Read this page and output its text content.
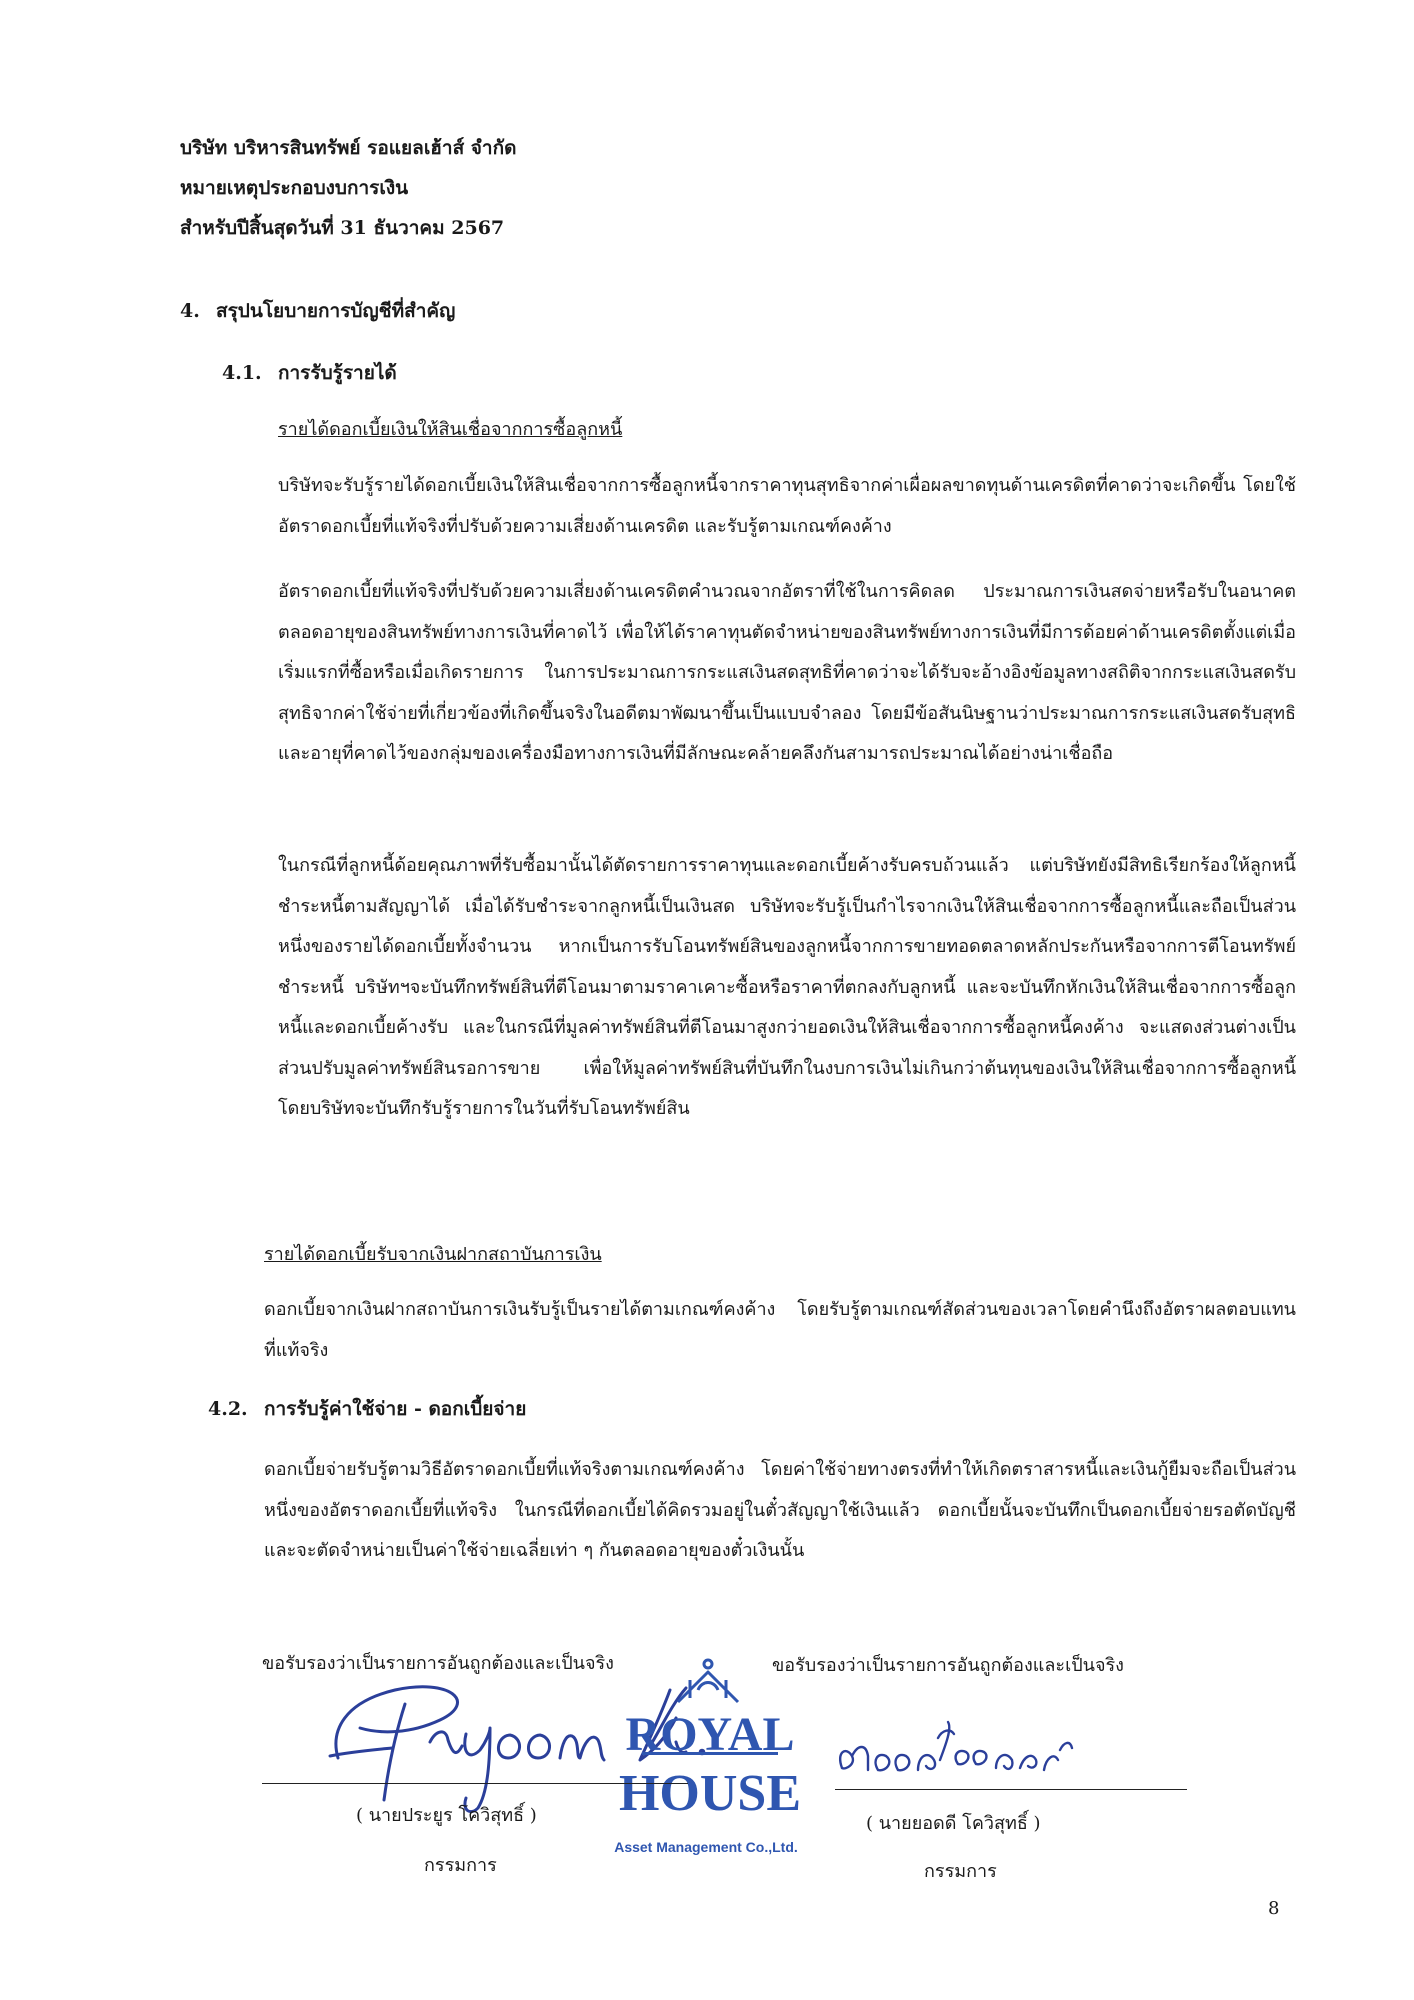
บริษัท บริหารสินทรัพย์ รอแยลเฮ้าส์ จำกัด
หมายเหตุประกอบงบการเงิน
สำหรับปีสิ้นสุดวันที่ 31 ธันวาคม 2567
4. สรุปนโยบายการบัญชีที่สำคัญ
4.1. การรับรู้รายได้
รายได้ดอกเบี้ยเงินให้สินเชื่อจากการซื้อลูกหนี้
บริษัทจะรับรู้รายได้ดอกเบี้ยเงินให้สินเชื่อจากการซื้อลูกหนี้จากราคาทุนสุทธิจากค่าเผื่อผลขาดทุนด้านเครดิตที่คาดว่าจะเกิดขึ้น โดยใช้อัตราดอกเบี้ยที่แท้จริงที่ปรับด้วยความเสี่ยงด้านเครดิต และรับรู้ตามเกณฑ์คงค้าง
อัตราดอกเบี้ยที่แท้จริงที่ปรับด้วยความเสี่ยงด้านเครดิตคำนวณจากอัตราที่ใช้ในการคิดลด ประมาณการเงินสดจ่ายหรือรับในอนาคตตลอดอายุของสินทรัพย์ทางการเงินที่คาดไว้ เพื่อให้ได้ราคาทุนตัดจำหน่ายของสินทรัพย์ทางการเงินที่มีการด้อยค่าด้านเครดิตตั้งแต่เมื่อเริ่มแรกที่ซื้อหรือเมื่อเกิดรายการ ในการประมาณการกระแสเงินสดสุทธิที่คาดว่าจะได้รับจะอ้างอิงข้อมูลทางสถิติจากกระแสเงินสดรับสุทธิจากค่าใช้จ่ายที่เกี่ยวข้องที่เกิดขึ้นจริงในอดีตมาพัฒนาขึ้นเป็นแบบจำลอง โดยมีข้อสันนิษฐานว่าประมาณการกระแสเงินสดรับสุทธิและอายุที่คาดไว้ของกลุ่มของเครื่องมือทางการเงินที่มีลักษณะคล้ายคลึงกันสามารถประมาณได้อย่างน่าเชื่อถือ
ในกรณีที่ลูกหนี้ด้อยคุณภาพที่รับซื้อมานั้นได้ตัดรายการราคาทุนและดอกเบี้ยค้างรับครบถ้วนแล้ว แต่บริษัทยังมีสิทธิเรียกร้องให้ลูกหนี้ชำระหนี้ตามสัญญาได้ เมื่อได้รับชำระจากลูกหนี้เป็นเงินสด บริษัทจะรับรู้เป็นกำไรจากเงินให้สินเชื่อจากการซื้อลูกหนี้และถือเป็นส่วนหนึ่งของรายได้ดอกเบี้ยทั้งจำนวน หากเป็นการรับโอนทรัพย์สินของลูกหนี้จากการขายทอดตลาดหลักประกันหรือจากการตีโอนทรัพย์ชำระหนี้ บริษัทฯจะบันทึกทรัพย์สินที่ตีโอนมาตามราคาเคาะซื้อหรือราคาที่ตกลงกับลูกหนี้ และจะบันทึกหักเงินให้สินเชื่อจากการซื้อลูกหนี้และดอกเบี้ยค้างรับ และในกรณีที่มูลค่าทรัพย์สินที่ตีโอนมาสูงกว่ายอดเงินให้สินเชื่อจากการซื้อลูกหนี้คงค้าง จะแสดงส่วนต่างเป็นส่วนปรับมูลค่าทรัพย์สินรอการขาย เพื่อให้มูลค่าทรัพย์สินที่บันทึกในงบการเงินไม่เกินกว่าต้นทุนของเงินให้สินเชื่อจากการซื้อลูกหนี้ โดยบริษัทจะบันทึกรับรู้รายการในวันที่รับโอนทรัพย์สิน
รายได้ดอกเบี้ยรับจากเงินฝากสถาบันการเงิน
ดอกเบี้ยจากเงินฝากสถาบันการเงินรับรู้เป็นรายได้ตามเกณฑ์คงค้าง โดยรับรู้ตามเกณฑ์สัดส่วนของเวลาโดยคำนึงถึงอัตราผลตอบแทนที่แท้จริง
4.2. การรับรู้ค่าใช้จ่าย - ดอกเบี้ยจ่าย
ดอกเบี้ยจ่ายรับรู้ตามวิธีอัตราดอกเบี้ยที่แท้จริงตามเกณฑ์คงค้าง โดยค่าใช้จ่ายทางตรงที่ทำให้เกิดตราสารหนี้และเงินกู้ยืมจะถือเป็นส่วนหนึ่งของอัตราดอกเบี้ยที่แท้จริง ในกรณีที่ดอกเบี้ยได้คิดรวมอยู่ในตั๋วสัญญาใช้เงินแล้ว ดอกเบี้ยนั้นจะบันทึกเป็นดอกเบี้ยจ่ายรอตัดบัญชีและจะตัดจำหน่ายเป็นค่าใช้จ่ายเฉลี่ยเท่า ๆ กันตลอดอายุของตั๋วเงินนั้น
ขอรับรองว่าเป็นรายการอันถูกต้องและเป็นจริง	ขอรับรองว่าเป็นรายการอันถูกต้องและเป็นจริง
ROYAL
HOUSE
Asset Management Co.,Ltd.
( นายประยูร โควิสุทธิ์ )	( นายยอดดี โควิสุทธิ์ )
กรรมการ	กรรมการ
8
